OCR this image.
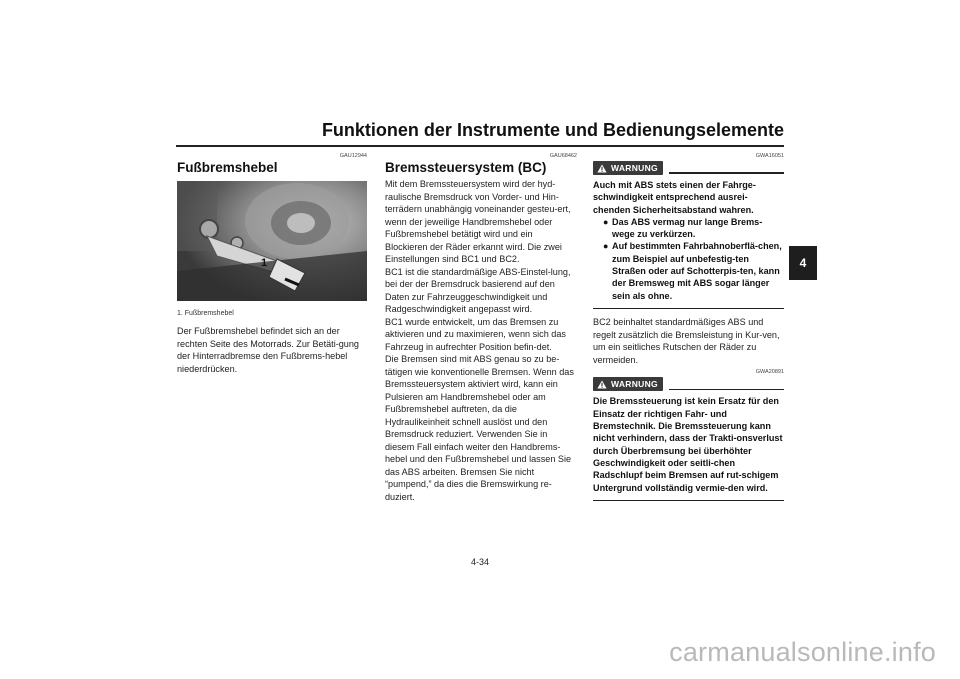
Funktionen der Instrumente und Bedienungselemente
4
GAU12944
Fußbremshebel
1
1. Fußbremshebel

Der Fußbremshebel befindet sich an der rechten Seite des Motorrads. Zur Betäti-gung der Hinterradbremse den Fußbrems-hebel niederdrücken.

GAU68462
Bremssteuersystem (BC)

Mit dem Bremssteuersystem wird der hyd-raulische Bremsdruck von Vorder- und Hin-terrädern unabhängig voneinander gesteu-ert, wenn der jeweilige Handbremshebel oder Fußbremshebel betätigt wird und ein Blockieren der Räder erkannt wird. Die zwei Einstellungen sind BC1 und BC2.

BC1 ist die standardmäßige ABS-Einstel-lung, bei der der Bremsdruck basierend auf den Daten zur Fahrzeuggeschwindigkeit und Radgeschwindigkeit angepasst wird.

BC1 wurde entwickelt, um das Bremsen zu aktivieren und zu maximieren, wenn sich das Fahrzeug in aufrechter Position befin-det.

Die Bremsen sind mit ABS genau so zu be-tätigen wie konventionelle Bremsen. Wenn das Bremssteuersystem aktiviert wird, kann ein Pulsieren am Handbremshebel oder am Fußbremshebel auftreten, da die Hydraulikeinheit schnell auslöst und den Bremsdruck reduziert. Verwenden Sie in diesem Fall einfach weiter den Handbrems-hebel und den Fußbremshebel und lassen Sie das ABS arbeiten. Bremsen Sie nicht “pumpend,” da dies die Bremswirkung re-duziert.

GWA16051
WARNUNG
Auch mit ABS stets einen der Fahrge-schwindigkeit entsprechend ausrei-chenden Sicherheitsabstand wahren.
● Das ABS vermag nur lange Brems-wege zu verkürzen.
● Auf bestimmten Fahrbahnoberflä-chen, zum Beispiel auf unbefestig-ten Straßen oder auf Schotterpis-ten, kann der Bremsweg mit ABS sogar länger sein als ohne.

BC2 beinhaltet standardmäßiges ABS und regelt zusätzlich die Bremsleistung in Kur-ven, um ein seitliches Rutschen der Räder zu vermeiden.

GWA20891
WARNUNG
Die Bremssteuerung ist kein Ersatz für den Einsatz der richtigen Fahr- und Bremstechnik. Die Bremssteuerung kann nicht verhindern, dass der Trakti-onsverlust durch Überbremsung bei überhöhter Geschwindigkeit oder seitli-chen Radschlupf beim Bremsen auf rut-schigem Untergrund vollständig vermie-den wird.
4-34
carmanualsonline.info
